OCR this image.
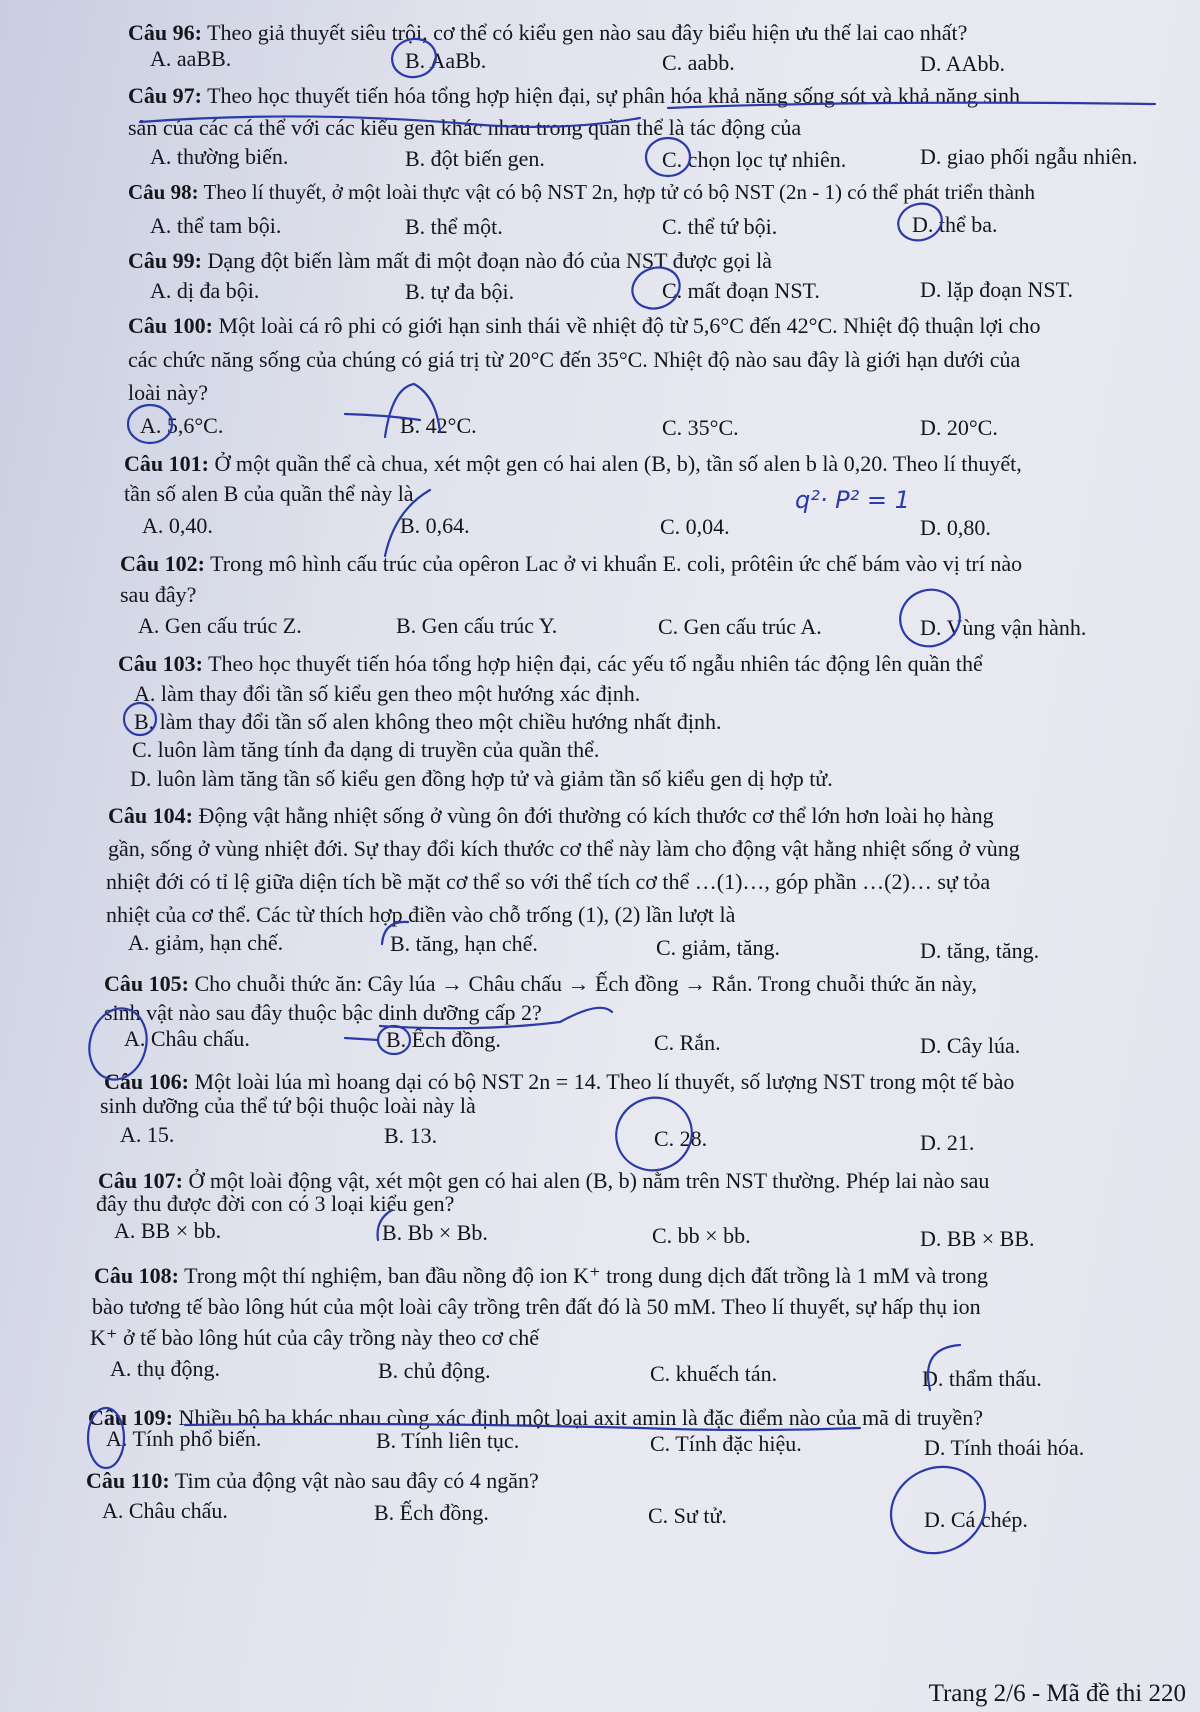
Câu 96: Theo giả thuyết siêu trội, cơ thể có kiểu gen nào sau đây biểu hiện ưu thế lai cao nhất?
A. aaBB.	B. AaBb.	C. aabb.	D. AAbb.
Câu 97: Theo học thuyết tiến hóa tổng hợp hiện đại, sự phân hóa khả năng sống sót và khả năng sinh
sản của các cá thể với các kiểu gen khác nhau trong quần thể là tác động của
A. thường biến.	B. đột biến gen.	C. chọn lọc tự nhiên.	D. giao phối ngẫu nhiên.
Câu 98: Theo lí thuyết, ở một loài thực vật có bộ NST 2n, hợp tử có bộ NST (2n - 1) có thể phát triển thành
A. thể tam bội.	B. thể một.	C. thể tứ bội.	D. thể ba.
Câu 99: Dạng đột biến làm mất đi một đoạn nào đó của NST được gọi là
A. dị đa bội.	B. tự đa bội.	C. mất đoạn NST.	D. lặp đoạn NST.
Câu 100: Một loài cá rô phi có giới hạn sinh thái về nhiệt độ từ 5,6°C đến 42°C. Nhiệt độ thuận lợi cho
các chức năng sống của chúng có giá trị từ 20°C đến 35°C. Nhiệt độ nào sau đây là giới hạn dưới của
loài này?
A. 5,6°C.	B. 42°C.	C. 35°C.	D. 20°C.
Câu 101: Ở một quần thể cà chua, xét một gen có hai alen (B, b), tần số alen b là 0,20. Theo lí thuyết,
tần số alen B của quần thể này là
A. 0,40.	B. 0,64.	C. 0,04.	D. 0,80.
q²· P² = 1
Câu 102: Trong mô hình cấu trúc của opêron Lac ở vi khuẩn E. coli, prôtêin ức chế bám vào vị trí nào
sau đây?
A. Gen cấu trúc Z.	B. Gen cấu trúc Y.	C. Gen cấu trúc A.	D. Vùng vận hành.
Câu 103: Theo học thuyết tiến hóa tổng hợp hiện đại, các yếu tố ngẫu nhiên tác động lên quần thể
A. làm thay đổi tần số kiểu gen theo một hướng xác định.
B. làm thay đổi tần số alen không theo một chiều hướng nhất định.
C. luôn làm tăng tính đa dạng di truyền của quần thể.
D. luôn làm tăng tần số kiểu gen đồng hợp tử và giảm tần số kiểu gen dị hợp tử.
Câu 104: Động vật hằng nhiệt sống ở vùng ôn đới thường có kích thước cơ thể lớn hơn loài họ hàng
gần, sống ở vùng nhiệt đới. Sự thay đổi kích thước cơ thể này làm cho động vật hằng nhiệt sống ở vùng
nhiệt đới có tỉ lệ giữa diện tích bề mặt cơ thể so với thể tích cơ thể …(1)…, góp phần …(2)… sự tỏa
nhiệt của cơ thể. Các từ thích hợp điền vào chỗ trống (1), (2) lần lượt là
A. giảm, hạn chế.	B. tăng, hạn chế.	C. giảm, tăng.	D. tăng, tăng.
Câu 105: Cho chuỗi thức ăn: Cây lúa → Châu chấu → Ếch đồng → Rắn. Trong chuỗi thức ăn này,
sinh vật nào sau đây thuộc bậc dinh dưỡng cấp 2?
A. Châu chấu.	B. Ếch đồng.	C. Rắn.	D. Cây lúa.
Câu 106: Một loài lúa mì hoang dại có bộ NST 2n = 14. Theo lí thuyết, số lượng NST trong một tế bào
sinh dưỡng của thể tứ bội thuộc loài này là
A. 15.	B. 13.	C. 28.	D. 21.
Câu 107: Ở một loài động vật, xét một gen có hai alen (B, b) nằm trên NST thường. Phép lai nào sau
đây thu được đời con có 3 loại kiểu gen?
A. BB × bb.	B. Bb × Bb.	C. bb × bb.	D. BB × BB.
Câu 108: Trong một thí nghiệm, ban đầu nồng độ ion K⁺ trong dung dịch đất trồng là 1 mM và trong
bào tương tế bào lông hút của một loài cây trồng trên đất đó là 50 mM. Theo lí thuyết, sự hấp thụ ion
K⁺ ở tế bào lông hút của cây trồng này theo cơ chế
A. thụ động.	B. chủ động.	C. khuếch tán.	D. thẩm thấu.
Câu 109: Nhiều bộ ba khác nhau cùng xác định một loại axit amin là đặc điểm nào của mã di truyền?
A. Tính phổ biến.	B. Tính liên tục.	C. Tính đặc hiệu.	D. Tính thoái hóa.
Câu 110: Tim của động vật nào sau đây có 4 ngăn?
A. Châu chấu.	B. Ếch đồng.	C. Sư tử.	D. Cá chép.
Trang 2/6 - Mã đề thi 220
